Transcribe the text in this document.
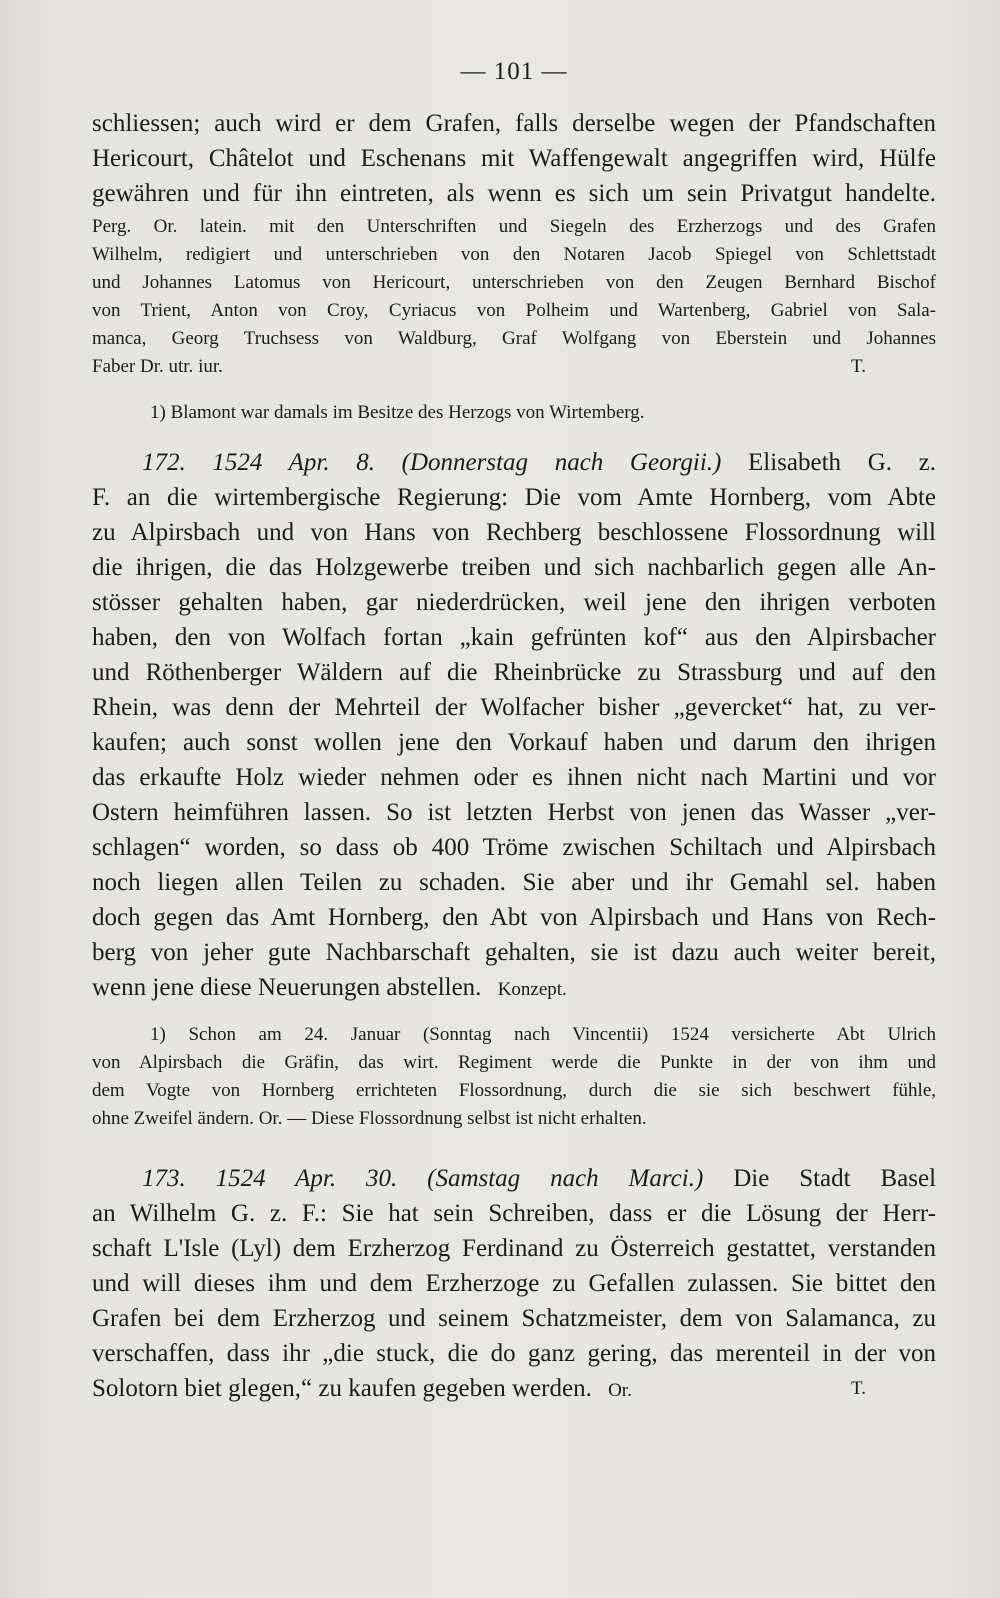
— 101 —

schliessen; auch wird er dem Grafen, falls derselbe wegen der Pfandschaften

Hericourt, Châtelot und Eschenans mit Waffengewalt angegriffen wird, Hülfe

gewähren und für ihn eintreten, als wenn es sich um sein Privatgut handelte.

Perg. Or. latein. mit den Unterschriften und Siegeln des Erzherzogs und des Grafen

Wilhelm, redigiert und unterschrieben von den Notaren Jacob Spiegel von Schlettstadt

und Johannes Latomus von Hericourt, unterschrieben von den Zeugen Bernhard Bischof

von Trient, Anton von Croy, Cyriacus von Polheim und Wartenberg, Gabriel von Sala-

manca, Georg Truchsess von Waldburg, Graf Wolfgang von Eberstein und Johannes

Faber Dr. utr. iur.	T.

1) Blamont war damals im Besitze des Herzogs von Wirtemberg.

172. 1524 Apr. 8. (Donnerstag nach Georgii.) Elisabeth G. z.

F. an die wirtembergische Regierung: Die vom Amte Hornberg, vom Abte

zu Alpirsbach und von Hans von Rechberg beschlossene Flossordnung will

die ihrigen, die das Holzgewerbe treiben und sich nachbarlich gegen alle An-

stösser gehalten haben, gar niederdrücken, weil jene den ihrigen verboten

haben, den von Wolfach fortan „kain gefrünten kof“ aus den Alpirsbacher

und Röthenberger Wäldern auf die Rheinbrücke zu Strassburg und auf den

Rhein, was denn der Mehrteil der Wolfacher bisher „gevercket“ hat, zu ver-

kaufen; auch sonst wollen jene den Vorkauf haben und darum den ihrigen

das erkaufte Holz wieder nehmen oder es ihnen nicht nach Martini und vor

Ostern heimführen lassen. So ist letzten Herbst von jenen das Wasser „ver-

schlagen“ worden, so dass ob 400 Tröme zwischen Schiltach und Alpirsbach

noch liegen allen Teilen zu schaden. Sie aber und ihr Gemahl sel. haben

doch gegen das Amt Hornberg, den Abt von Alpirsbach und Hans von Rech-

berg von jeher gute Nachbarschaft gehalten, sie ist dazu auch weiter bereit,

wenn jene diese Neuerungen abstellen. Konzept.

1) Schon am 24. Januar (Sonntag nach Vincentii) 1524 versicherte Abt Ulrich

von Alpirsbach die Gräfin, das wirt. Regiment werde die Punkte in der von ihm und

dem Vogte von Hornberg errichteten Flossordnung, durch die sie sich beschwert fühle,

ohne Zweifel ändern. Or. — Diese Flossordnung selbst ist nicht erhalten.

173. 1524 Apr. 30. (Samstag nach Marci.) Die Stadt Basel

an Wilhelm G. z. F.: Sie hat sein Schreiben, dass er die Lösung der Herr-

schaft L'Isle (Lyl) dem Erzherzog Ferdinand zu Österreich gestattet, verstanden

und will dieses ihm und dem Erzherzoge zu Gefallen zulassen. Sie bittet den

Grafen bei dem Erzherzog und seinem Schatzmeister, dem von Salamanca, zu

verschaffen, dass ihr „die stuck, die do ganz gering, das merenteil in der von

Solotorn biet glegen,“ zu kaufen gegeben werden. Or.	T.
